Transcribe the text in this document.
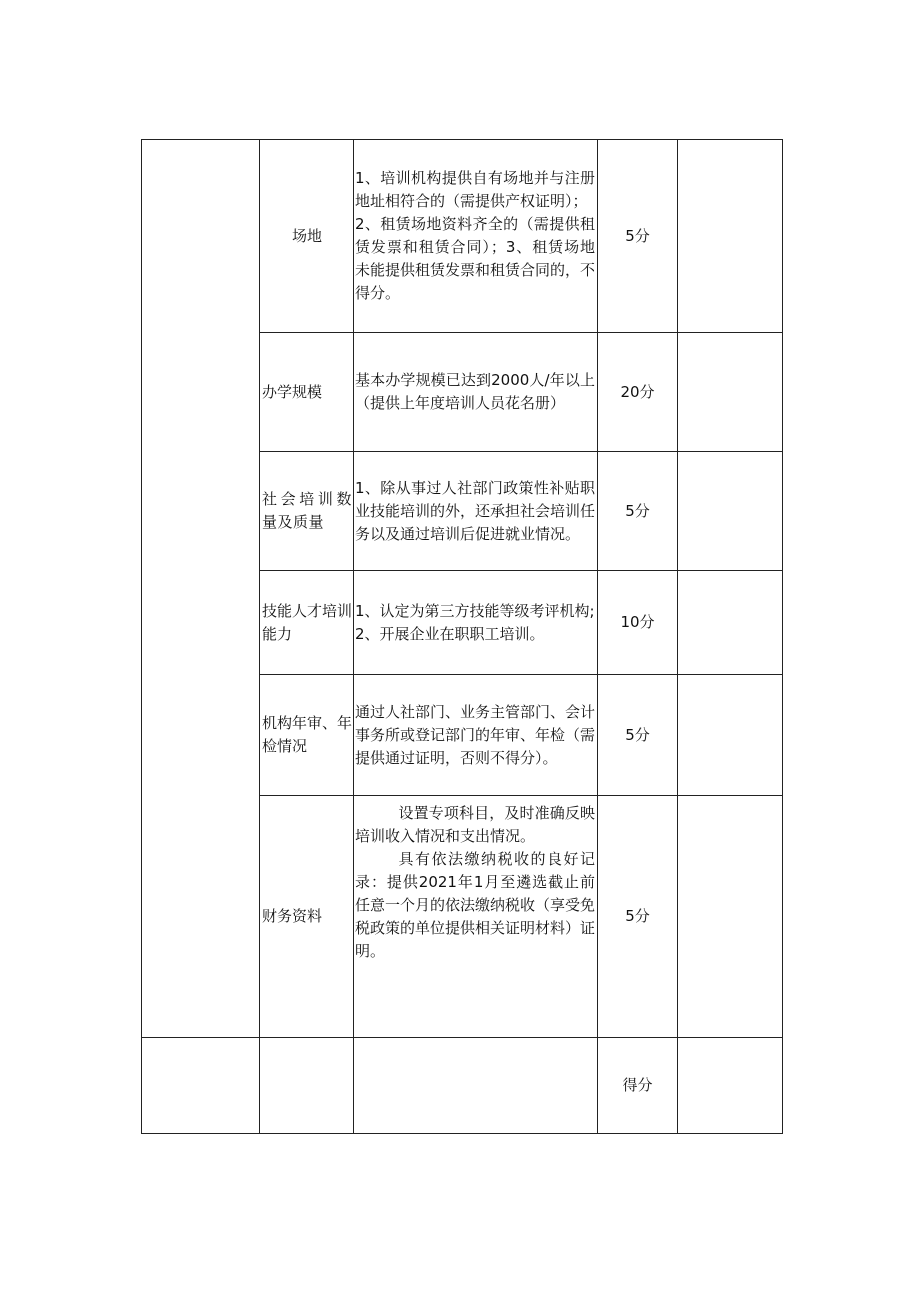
	场地	1、培训机构提供自有场地并与注册地址相符合的（需提供产权证明）；
2、租赁场地资料齐全的（需提供租赁发票和租赁合同）；3、租赁场地未能提供租赁发票和租赁合同的，不得分。	5分	

	办学规模	基本办学规模已达到2000人/年以上（提供上年度培训人员花名册）	20分	

	社会培训数量及质量	1、除从事过人社部门政策性补贴职业技能培训的外，还承担社会培训任务以及通过培训后促进就业情况。	5分	

	技能人才培训能力	1、认定为第三方技能等级考评机构;
2、开展企业在职职工培训。	10分	

	机构年审、年检情况	通过人社部门、业务主管部门、会计事务所或登记部门的年审、年检（需提供通过证明，否则不得分）。	5分	

	财务资料	设置专项科目，及时准确反映培训收入情况和支出情况。
具有依法缴纳税收的良好记录：提供2021年1月至遴选截止前任意一个月的依法缴纳税收（享受免税政策的单位提供相关证明材料）证明。	5分	

			得分	
